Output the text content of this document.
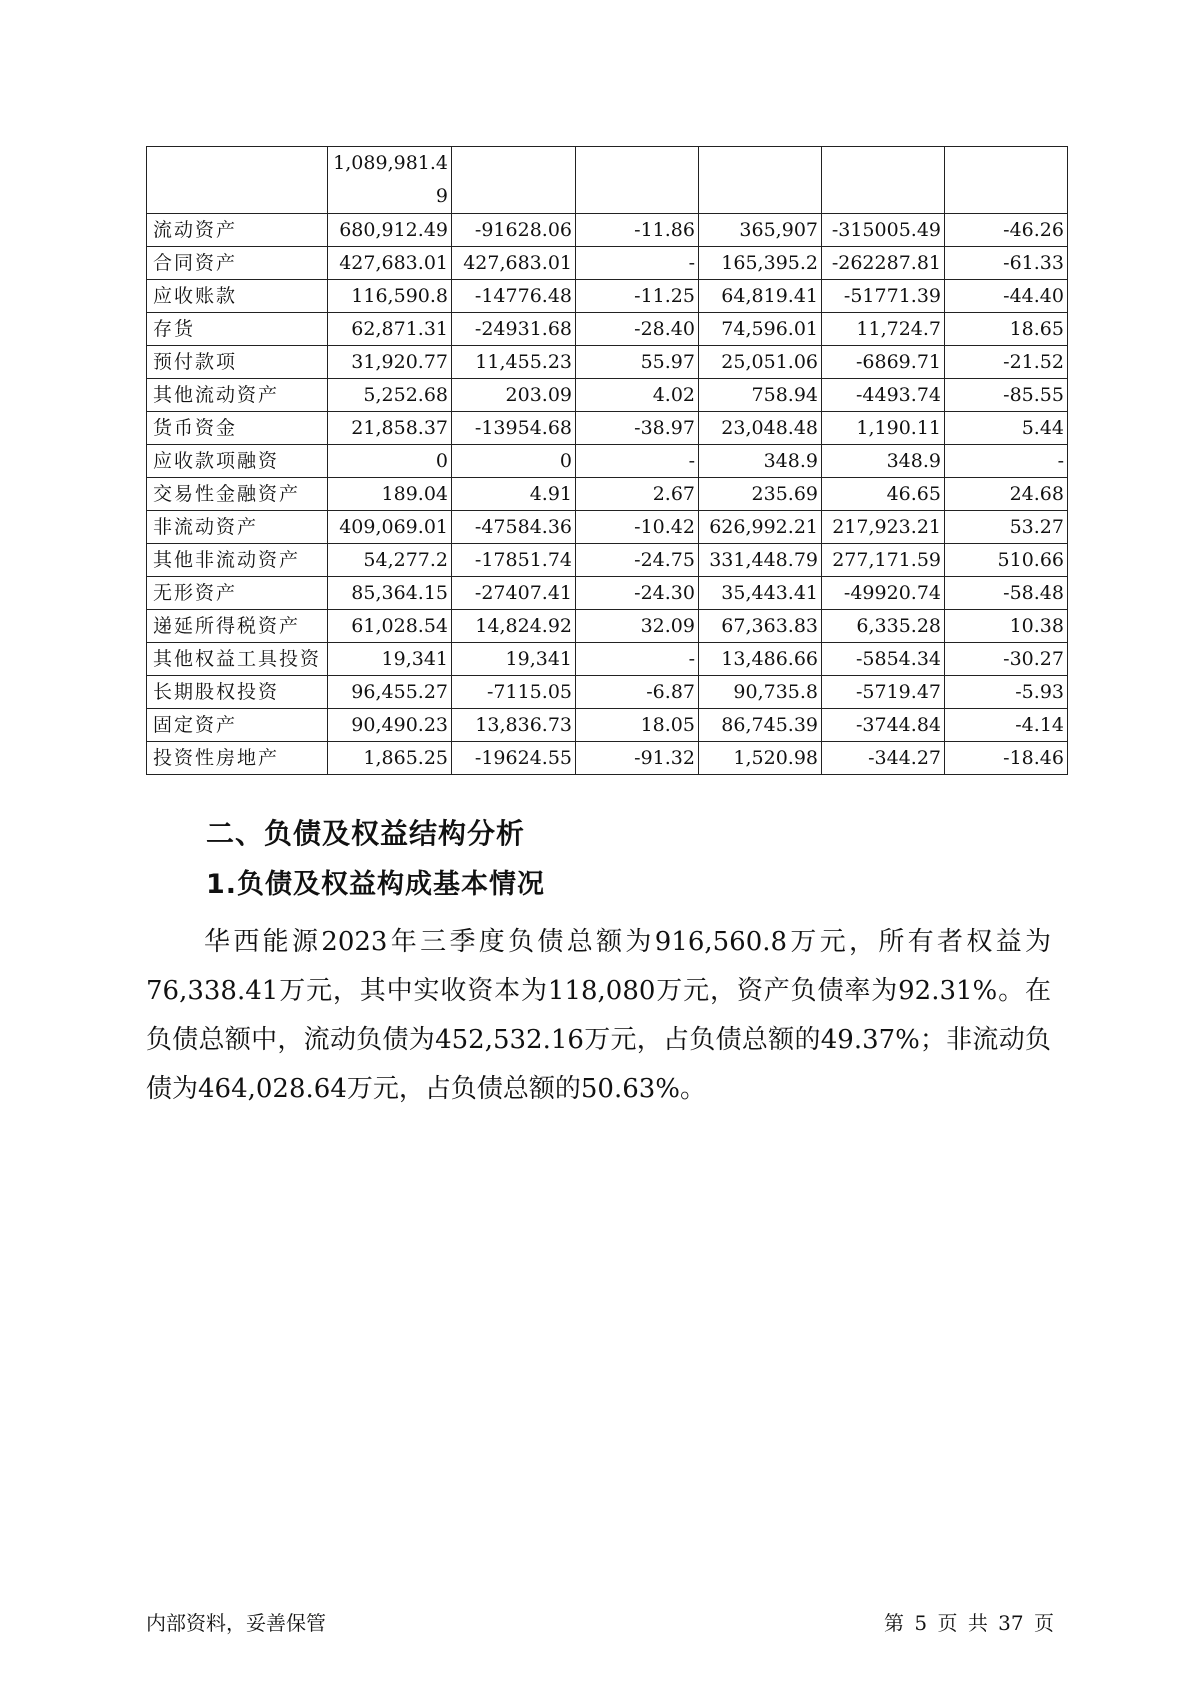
	1,089,981.49					
流动资产	680,912.49	-91628.06	-11.86	365,907	-315005.49	-46.26
合同资产	427,683.01	427,683.01	-	165,395.2	-262287.81	-61.33
应收账款	116,590.8	-14776.48	-11.25	64,819.41	-51771.39	-44.40
存货	62,871.31	-24931.68	-28.40	74,596.01	11,724.7	18.65
预付款项	31,920.77	11,455.23	55.97	25,051.06	-6869.71	-21.52
其他流动资产	5,252.68	203.09	4.02	758.94	-4493.74	-85.55
货币资金	21,858.37	-13954.68	-38.97	23,048.48	1,190.11	5.44
应收款项融资	0	0	-	348.9	348.9	-
交易性金融资产	189.04	4.91	2.67	235.69	46.65	24.68
非流动资产	409,069.01	-47584.36	-10.42	626,992.21	217,923.21	53.27
其他非流动资产	54,277.2	-17851.74	-24.75	331,448.79	277,171.59	510.66
无形资产	85,364.15	-27407.41	-24.30	35,443.41	-49920.74	-58.48
递延所得税资产	61,028.54	14,824.92	32.09	67,363.83	6,335.28	10.38
其他权益工具投资	19,341	19,341	-	13,486.66	-5854.34	-30.27
长期股权投资	96,455.27	-7115.05	-6.87	90,735.8	-5719.47	-5.93
固定资产	90,490.23	13,836.73	18.05	86,745.39	-3744.84	-4.14
投资性房地产	1,865.25	-19624.55	-91.32	1,520.98	-344.27	-18.46
二、负债及权益结构分析
1.负债及权益构成基本情况

华西能源2023年三季度负债总额为916,560.8万元，所有者权益为76,338.41万元，其中实收资本为118,080万元，资产负债率为92.31%。在负债总额中，流动负债为452,532.16万元，占负债总额的49.37%；非流动负债为464,028.64万元，占负债总额的50.63%。

内部资料，妥善保管	第 5 页 共 37 页
